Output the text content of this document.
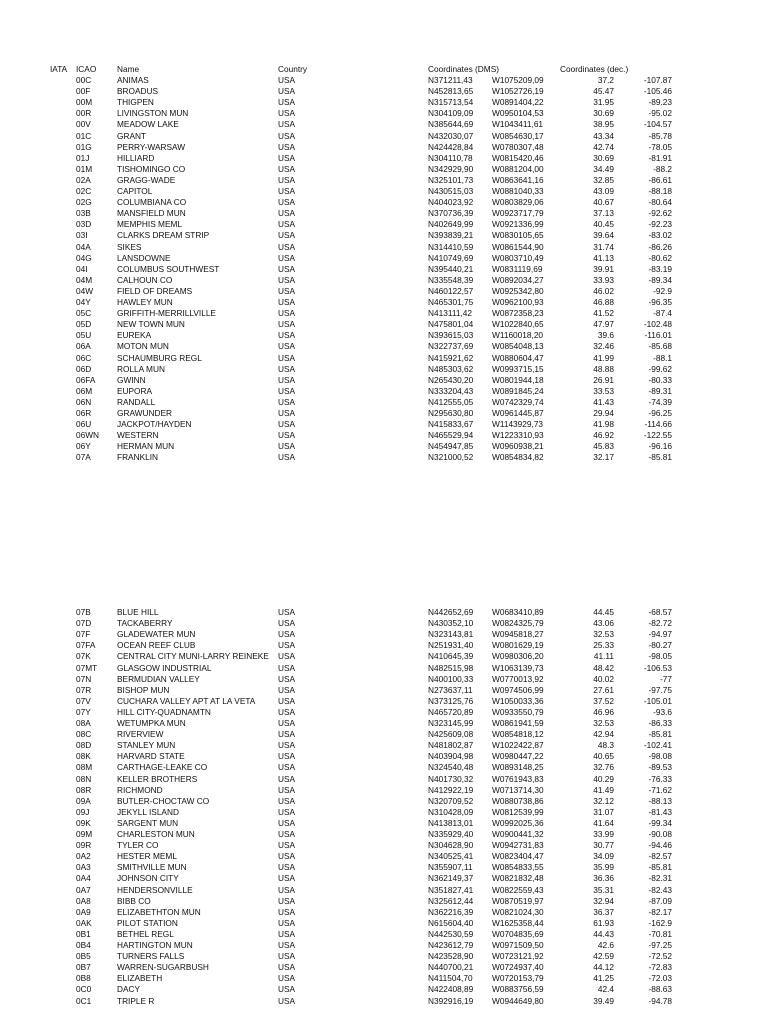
IATA ICAO Name	Country	Coordinates (DMS)	Coordinates (dec.)
00C	ANIMAS	USA	N371211,43 W1075209,09	37.2	-107.87
00F	BROADUS	USA	N452813,65 W1052726,19	45.47	-105.46
00M	THIGPEN	USA	N315713,54 W0891404,22	31.95	-89.23
00R	LIVINGSTON MUN	USA	N304109,09 W0950104,53	30.69	-95.02
00V	MEADOW LAKE	USA	N385644,69 W1043411,61	38.95	-104.57
01C	GRANT	USA	N432030,07 W0854630,17	43.34	-85.78
01G	PERRY-WARSAW	USA	N424428,84 W0780307,48	42.74	-78.05
01J	HILLIARD	USA	N304110,78 W0815420,46	30.69	-81.91
01M	TISHOMINGO CO	USA	N342929,90 W0881204,00	34.49	-88.2
02A	GRAGG-WADE	USA	N325101,73 W0863641,16	32.85	-86.61
02C	CAPITOL	USA	N430515,03 W0881040,33	43.09	-88.18
02G	COLUMBIANA CO	USA	N404023,92 W0803829,06	40.67	-80.64
03B	MANSFIELD MUN	USA	N370736,39 W0923717,79	37.13	-92.62
03D	MEMPHIS MEML	USA	N402649,99 W0921336,99	40.45	-92.23
03I	CLARKS DREAM STRIP	USA	N393839,21 W0830105,65	39.64	-83.02
04A	SIKES	USA	N314410,59 W0861544,90	31.74	-86.26
04G	LANSDOWNE	USA	N410749,69 W0803710,49	41.13	-80.62
04I	COLUMBUS SOUTHWEST	USA	N395440,21 W0831119,69	39.91	-83.19
04M	CALHOUN CO	USA	N335548,39 W0892034,27	33.93	-89.34
04W	FIELD OF DREAMS	USA	N460122,57 W0925342,80	46.02	-92.9
04Y	HAWLEY MUN	USA	N465301,75 W0962100,93	46.88	-96.35
05C	GRIFFITH-MERRILLVILLE	USA	N413111,42 W0872358,23	41.52	-87.4
05D	NEW TOWN MUN	USA	N475801,04 W1022840,65	47.97	-102.48
05U	EUREKA	USA	N393615,03 W1160018,20	39.6	-116.01
06A	MOTON MUN	USA	N322737,69 W0854048,13	32.46	-85.68
06C	SCHAUMBURG REGL	USA	N415921,62 W0880604,47	41.99	-88.1
06D	ROLLA MUN	USA	N485303,62 W0993715,15	48.88	-99.62
06FA	GWINN	USA	N265430,20 W0801944,18	26.91	-80.33
06M	EUPORA	USA	N333204,43 W0891845,24	33.53	-89.31
06N	RANDALL	USA	N412555,05 W0742329,74	41.43	-74.39
06R	GRAWUNDER	USA	N295630,80 W0961445,87	29.94	-96.25
06U	JACKPOT/HAYDEN	USA	N415833,67 W1143929,73	41.98	-114.66
06WN WESTERN	USA	N465529,94 W1223310,93	46.92	-122.55
06Y	HERMAN MUN	USA	N454947,85 W0960938,21	45.83	-96.16
07A	FRANKLIN	USA	N321000,52 W0854834,82	32.17	-85.81
07B	BLUE HILL	USA	N442652,69 W0683410,89	44.45	-68.57
07D	TACKABERRY	USA	N430352,10 W0824325,79	43.06	-82.72
07F	GLADEWATER MUN	USA	N323143,81 W0945818,27	32.53	-94.97
07FA	OCEAN REEF CLUB	USA	N251931,40 W0801629,19	25.33	-80.27
07K	CENTRAL CITY MUNI-LARRY REINEKE USA	N410645,39 W0980306,20	41.11	-98.05
07MT GLASGOW INDUSTRIAL	USA	N482515,98 W1063139,73	48.42	-106.53
07N	BERMUDIAN VALLEY	USA	N400100,33 W0770013,92	40.02	-77
07R	BISHOP MUN	USA	N273637,11 W0974506,99	27.61	-97.75
07V	CUCHARA VALLEY APT AT LA VETA	USA	N373125,76 W1050033,36	37.52	-105.01
07Y	HILL CITY-QUADNAMTN	USA	N465720,89 W0933550,79	46.96	-93.6
08A	WETUMPKA MUN	USA	N323145,99 W0861941,59	32.53	-86.33
08C	RIVERVIEW	USA	N425609,08 W0854818,12	42.94	-85.81
08D	STANLEY MUN	USA	N481802,87 W1022422,87	48.3	-102.41
08K	HARVARD STATE	USA	N403904,98 W0980447,22	40.65	-98.08
08M	CARTHAGE-LEAKE CO	USA	N324540,48 W0893148,25	32.76	-89.53
08N	KELLER BROTHERS	USA	N401730,32 W0761943,83	40.29	-76.33
08R	RICHMOND	USA	N412922,19 W0713714,30	41.49	-71.62
09A	BUTLER-CHOCTAW CO	USA	N320709,52 W0880738,86	32.12	-88.13
09J	JEKYLL ISLAND	USA	N310428,09 W0812539,99	31.07	-81.43
09K	SARGENT MUN	USA	N413813,01 W0992025,36	41.64	-99.34
09M	CHARLESTON MUN	USA	N335929,40 W0900441,32	33.99	-90.08
09R	TYLER CO	USA	N304628,90 W0942731,83	30.77	-94.46
0A2	HESTER MEML	USA	N340525,41 W0823404,47	34.09	-82.57
0A3	SMITHVILLE MUN	USA	N355907,11 W0854833,55	35.99	-85.81
0A4	JOHNSON CITY	USA	N362149,37 W0821832,48	36.36	-82.31
0A7	HENDERSONVILLE	USA	N351827,41 W0822559,43	35.31	-82.43
0A8	BIBB CO	USA	N325612,44 W0870519,97	32.94	-87.09
0A9	ELIZABETHTON MUN	USA	N362216,39 W0821024,30	36.37	-82.17
0AK	PILOT STATION	USA	N615604,40 W1625358,44	61.93	-162.9
0B1	BETHEL REGL	USA	N442530,59 W0704835,69	44.43	-70.81
0B4	HARTINGTON MUN	USA	N423612,79 W0971509,50	42.6	-97.25
0B5	TURNERS FALLS	USA	N423528,90 W0723121,92	42.59	-72.52
0B7	WARREN-SUGARBUSH	USA	N440700,21 W0724937,40	44.12	-72.83
0B8	ELIZABETH	USA	N411504,70 W0720153,79	41.25	-72.03
0C0	DACY	USA	N422408,89 W0883756,59	42.4	-88.63
0C1	TRIPLE R	USA	N392916,19 W0944649,80	39.49	-94.78
